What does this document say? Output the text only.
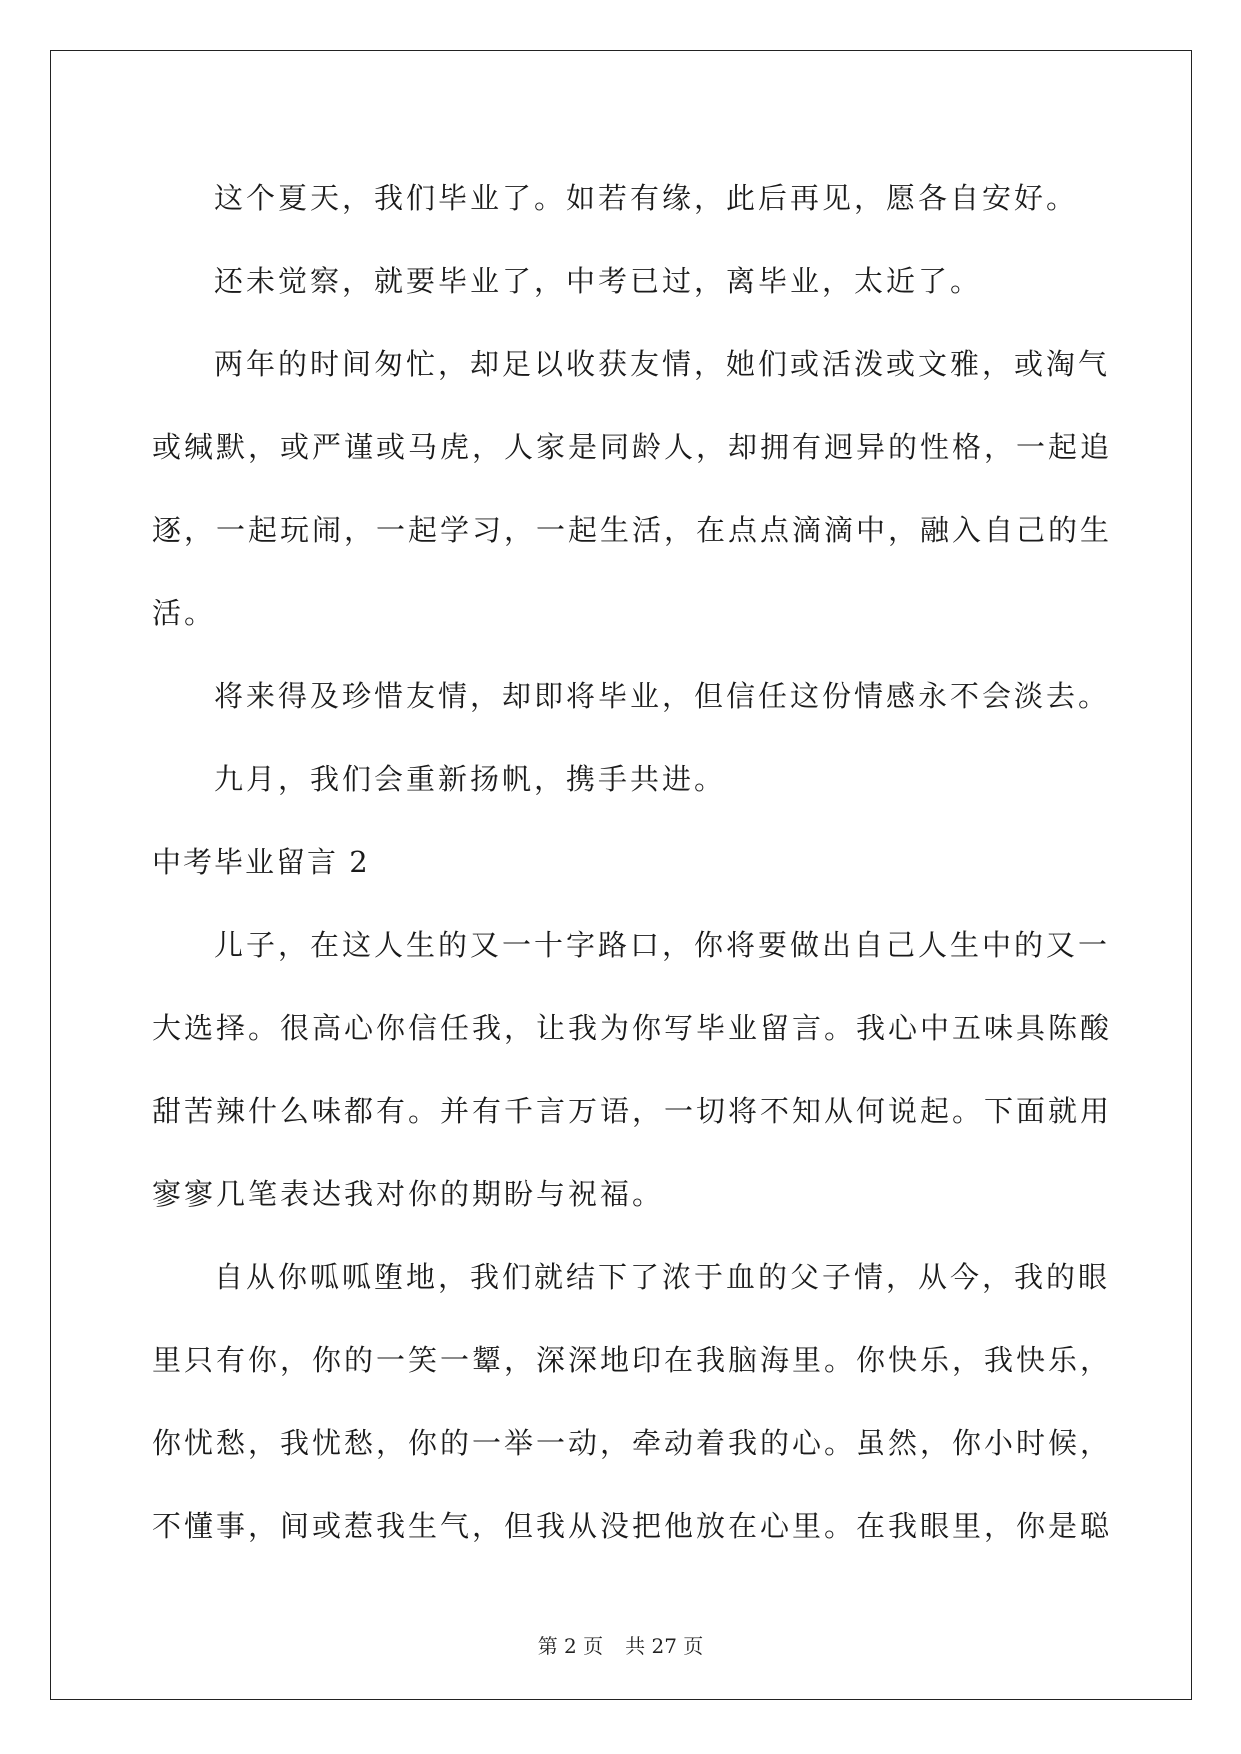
这个夏天，我们毕业了。如若有缘，此后再见，愿各自安好。
还未觉察，就要毕业了，中考已过，离毕业，太近了。
两年的时间匆忙，却足以收获友情，她们或活泼或文雅，或淘气
或缄默，或严谨或马虎，人家是同龄人，却拥有迥异的性格，一起追
逐，一起玩闹，一起学习，一起生活，在点点滴滴中，融入自己的生
活。
将来得及珍惜友情，却即将毕业，但信任这份情感永不会淡去。
九月，我们会重新扬帆，携手共进。
中考毕业留言 2
儿子，在这人生的又一十字路口，你将要做出自己人生中的又一
大选择。很高心你信任我，让我为你写毕业留言。我心中五味具陈酸
甜苦辣什么味都有。并有千言万语，一切将不知从何说起。下面就用
寥寥几笔表达我对你的期盼与祝福。
自从你呱呱堕地，我们就结下了浓于血的父子情，从今，我的眼
里只有你，你的一笑一颦，深深地印在我脑海里。你快乐，我快乐，
你忧愁，我忧愁，你的一举一动，牵动着我的心。虽然，你小时候，
不懂事，间或惹我生气，但我从没把他放在心里。在我眼里，你是聪
第 2 页 共 27 页
